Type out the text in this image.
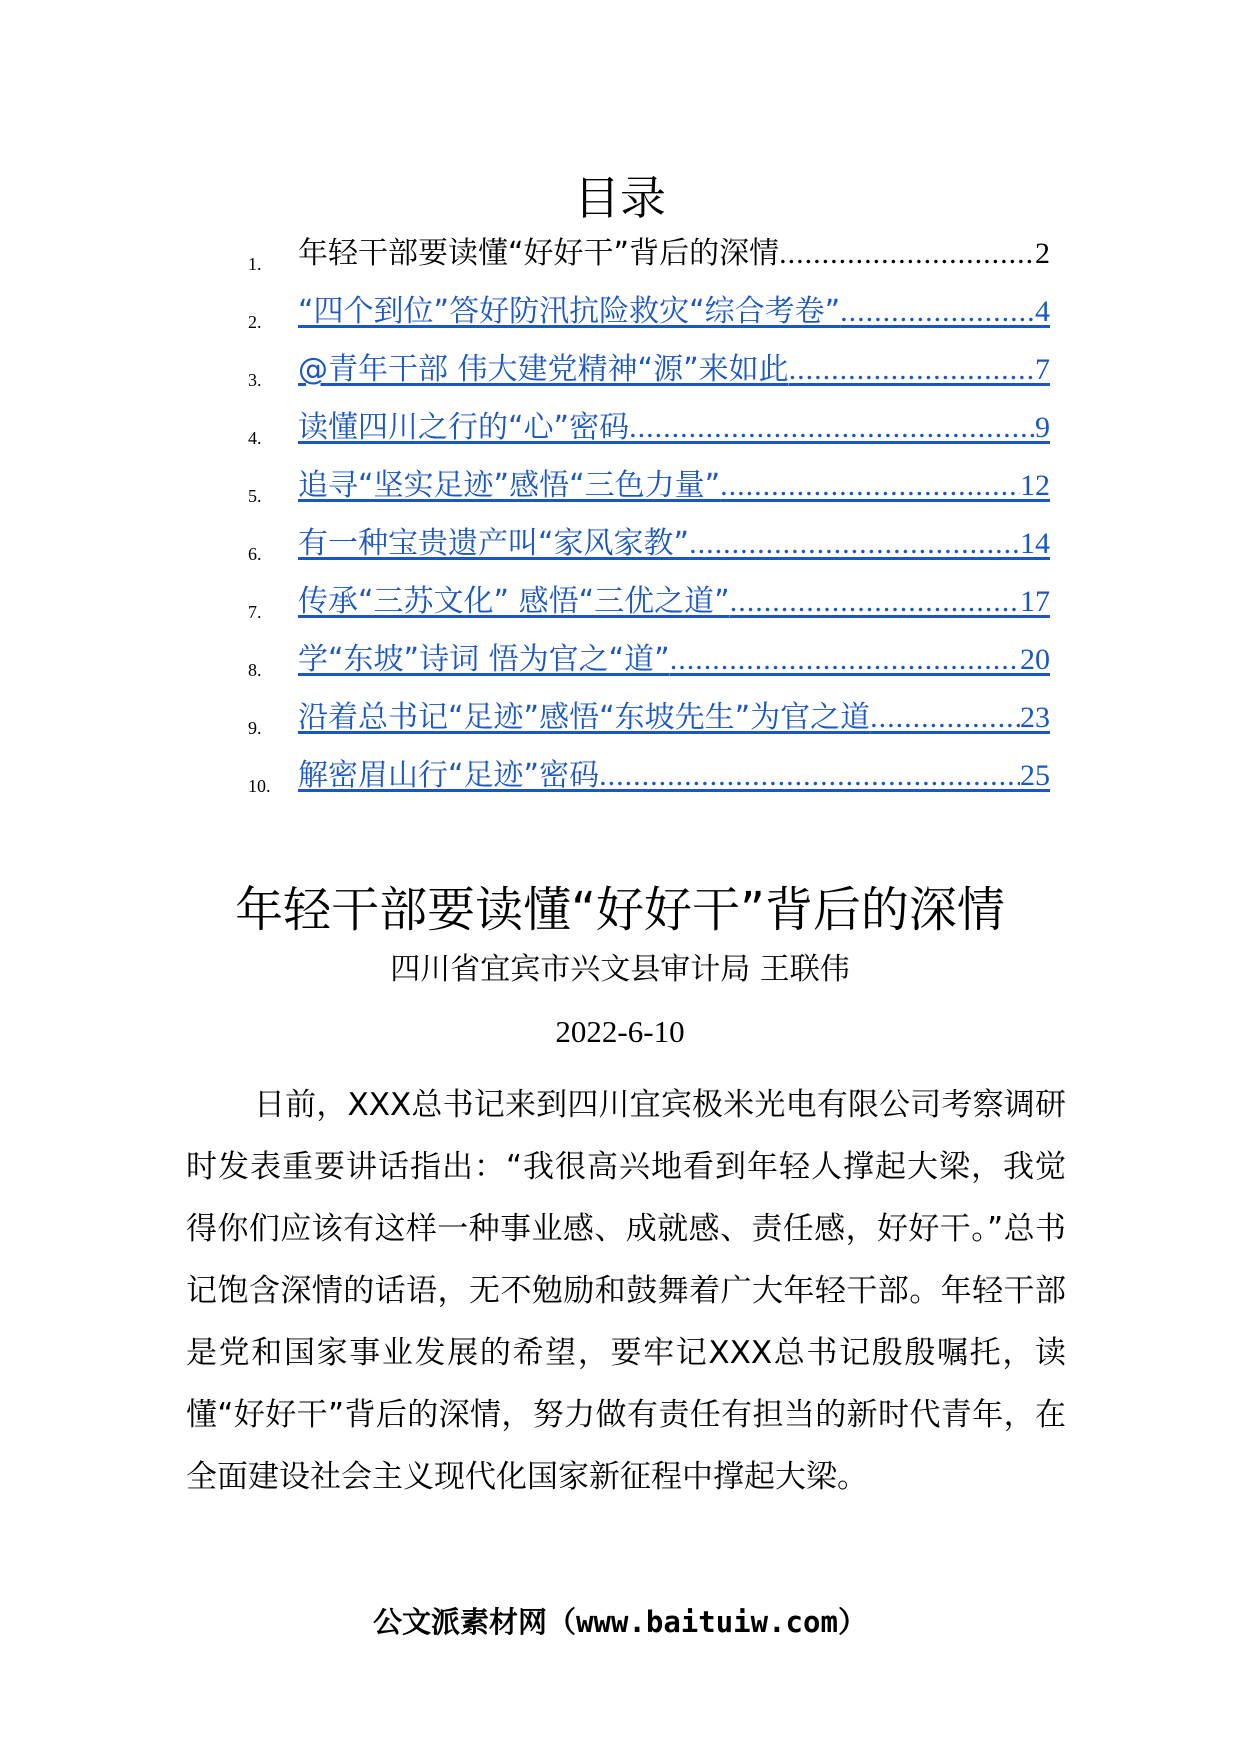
目录
1. 年轻干部要读懂“好好干”背后的深情 .....	2
2. “四个到位”答好防汛抗险救灾“综合考卷” .....	4
3. @青年干部 伟大建党精神“源”来如此 .....	7
4. 读懂四川之行的“心”密码 .....	9
5. 追寻“坚实足迹”感悟“三色力量” .....	12
6. 有一种宝贵遗产叫“家风家教” .....	14
7. 传承“三苏文化” 感悟“三优之道” .....	17
8. 学“东坡”诗词 悟为官之“道” .....	20
9. 沿着总书记“足迹”感悟“东坡先生”为官之道 .....	23
10. 解密眉山行“足迹”密码 .....	25
年轻干部要读懂“好好干”背后的深情
四川省宜宾市兴文县审计局 王联伟
2022-6-10

日前，XXX总书记来到四川宜宾极米光电有限公司考察调研时发表重要讲话指出：“我很高兴地看到年轻人撑起大梁，我觉得你们应该有这样一种事业感、成就感、责任感，好好干。”总书记饱含深情的话语，无不勉励和鼓舞着广大年轻干部。年轻干部是党和国家事业发展的希望，要牢记XXX总书记殷殷嘱托，读懂“好好干”背后的深情，努力做有责任有担当的新时代青年，在全面建设社会主义现代化国家新征程中撑起大梁。

公文派素材网（www.baituiw.com）
